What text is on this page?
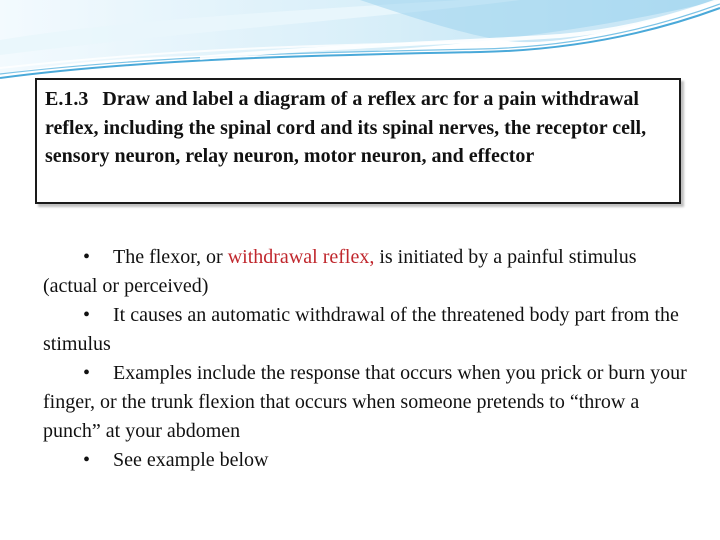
E.1.3 Draw and label a diagram of a reflex arc for a pain withdrawal reflex, including the spinal cord and its spinal nerves, the receptor cell, sensory neuron, relay neuron, motor neuron, and effector

• The flexor, or withdrawal reflex, is initiated by a painful stimulus (actual or perceived)

• It causes an automatic withdrawal of the threatened body part from the stimulus

• Examples include the response that occurs when you prick or burn your finger, or the trunk flexion that occurs when someone pretends to “throw a punch” at your abdomen

• See example below
